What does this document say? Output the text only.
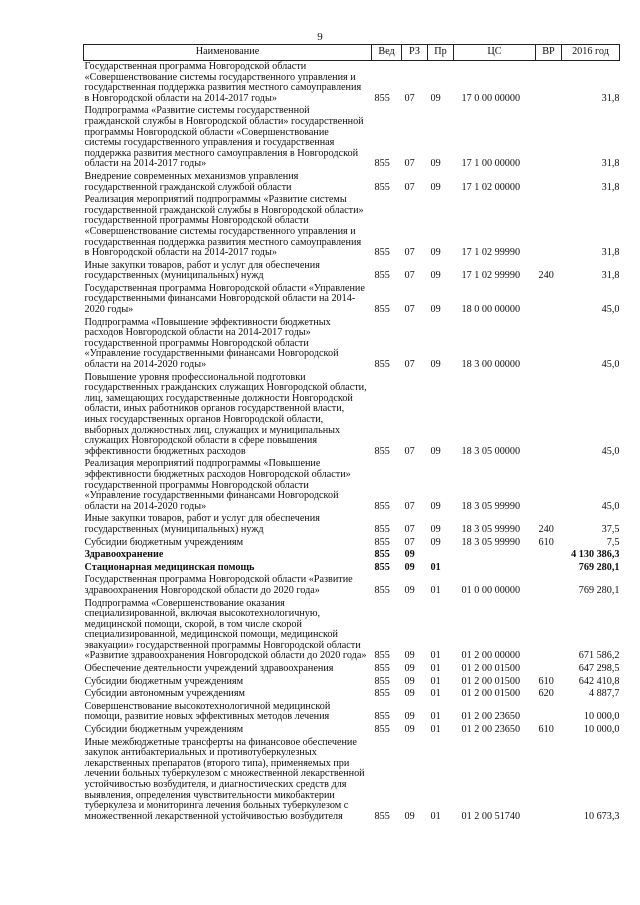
9
Наименование	Вед	РЗ	Пр	ЦС	ВР	2016 год
Государственная программа Новгородской области «Совершенствование системы государственного управления и государственная поддержка развития местного самоуправления в Новгородской области на 2014-2017 годы»	855	07	09	17 0 00 00000		31,8
Подпрограмма «Развитие системы государственной гражданской службы в Новгородской области» государственной программы Новгородской области «Совершенствование системы государственного управления и государственная поддержка развития местного самоуправления в Новгородской области на 2014-2017 годы»	855	07	09	17 1 00 00000		31,8
Внедрение современных механизмов управления государственной гражданской службой области	855	07	09	17 1 02 00000		31,8
Реализация мероприятий подпрограммы «Развитие системы государственной гражданской службы в Новгородской области» государственной программы Новгородской области «Совершенствование системы государственного управления и государственная поддержка развития местного самоуправления в Новгородской области на 2014-2017 годы»	855	07	09	17 1 02 99990		31,8
Иные закупки товаров, работ и услуг для обеспечения государственных (муниципальных) нужд	855	07	09	17 1 02 99990	240	31,8
Государственная программа Новгородской области «Управление государственными финансами Новгородской области на 2014-2020 годы»	855	07	09	18 0 00 00000		45,0
Подпрограмма «Повышение эффективности бюджетных расходов Новгородской области на 2014-2017 годы» государственной программы Новгородской области «Управление государственными финансами Новгородской области на 2014-2020 годы»	855	07	09	18 3 00 00000		45,0
Повышение уровня профессиональной подготовки государственных гражданских служащих Новгородской области, лиц, замещающих государственные должности Новгородской области, иных работников органов государственной власти, иных государственных органов Новгородской области, выборных должностных лиц, служащих и муниципальных служащих Новгородской области в сфере повышения эффективности бюджетных расходов	855	07	09	18 3 05 00000		45,0
Реализация мероприятий подпрограммы «Повышение эффективности бюджетных расходов Новгородской области» государственной программы Новгородской области «Управление государственными финансами Новгородской области на 2014-2020 годы»	855	07	09	18 3 05 99990		45,0
Иные закупки товаров, работ и услуг для обеспечения государственных (муниципальных) нужд	855	07	09	18 3 05 99990	240	37,5
Субсидии бюджетным учреждениям	855	07	09	18 3 05 99990	610	7,5
Здравоохранение	855	09				4 130 386,3
Стационарная медицинская помощь	855	09	01			769 280,1
Государственная программа Новгородской области «Развитие здравоохранения Новгородской области до 2020 года»	855	09	01	01 0 00 00000		769 280,1
Подпрограмма «Совершенствование оказания специализированной, включая высокотехнологичную, медицинской помощи, скорой, в том числе скорой специализированной, медицинской помощи, медицинской эвакуации» государственной программы Новгородской области «Развитие здравоохранения Новгородской области до 2020 года»	855	09	01	01 2 00 00000		671 586,2
Обеспечение деятельности учреждений здравоохранения	855	09	01	01 2 00 01500		647 298,5
Субсидии бюджетным учреждениям	855	09	01	01 2 00 01500	610	642 410,8
Субсидии автономным учреждениям	855	09	01	01 2 00 01500	620	4 887,7
Совершенствование высокотехнологичной медицинской помощи, развитие новых эффективных методов лечения	855	09	01	01 2 00 23650		10 000,0
Субсидии бюджетным учреждениям	855	09	01	01 2 00 23650	610	10 000,0
Иные межбюджетные трансферты на финансовое обеспечение закупок антибактериальных и противотуберкулезных лекарственных препаратов (второго типа), применяемых при лечении больных туберкулезом с множественной лекарственной устойчивостью возбудителя, и диагностических средств для выявления, определения чувствительности микобактерии туберкулеза и мониторинга лечения больных туберкулезом с множественной лекарственной устойчивостью возбудителя	855	09	01	01 2 00 51740		10 673,3
